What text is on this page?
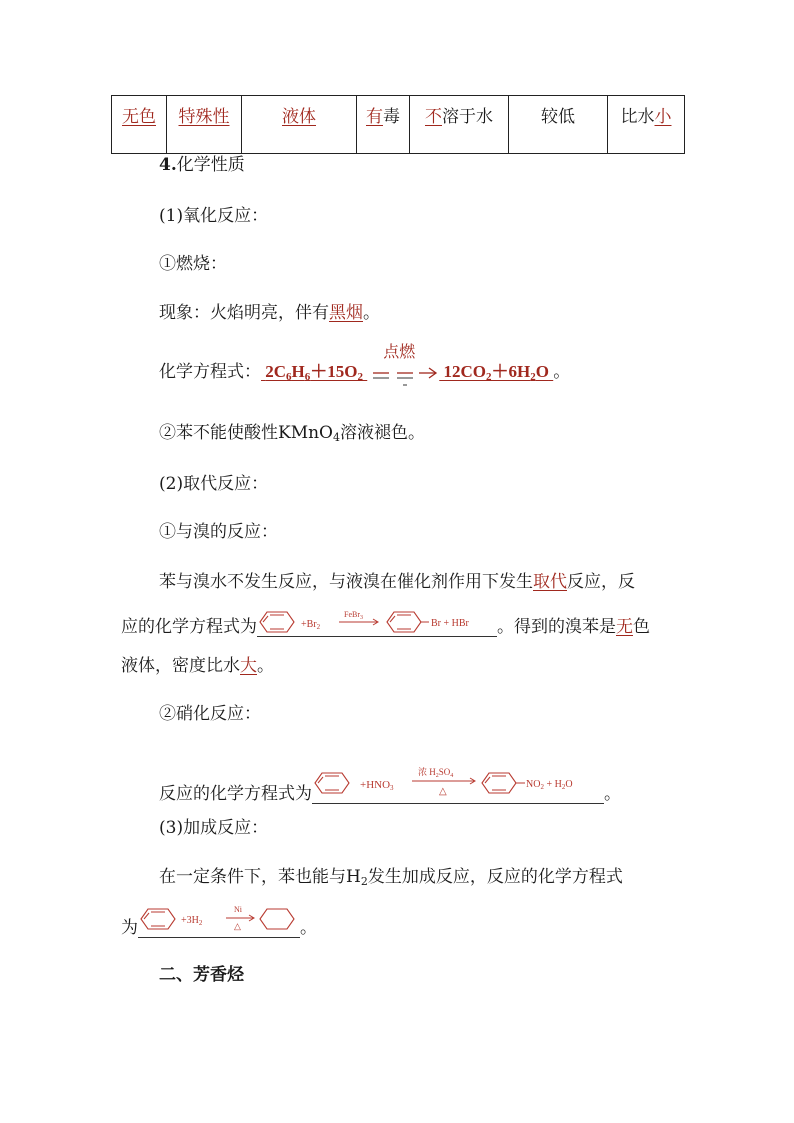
无色	特殊性	液体	有毒	不溶于水	较低	比水小
4.化学性质
(1)氧化反应：
①燃烧：
现象：火焰明亮，伴有黑烟。
化学方程式： $2C_6H_6+15O_2$
点燃
$12CO_2+6H_2O$ 。
②苯不能使酸性KMnO$_4$溶液褪色。
(2)取代反应：
①与溴的反应：
苯与溴水不发生反应，与液溴在催化剂作用下发生取代反应，反
应的化学方程式为	$+Br_2$
FeBr$_3$	Br + HBr 。得到的溴苯是无色
液体，密度比水大。
②硝化反应：
反应的化学方程式为	+HNO3
浓 $H_2SO_4$
△
$NO_2 + H_2O$ 。
(3)加成反应：
在一定条件下，苯也能与$H_2$发生加成反应，反应的化学方程式
为	$+3H_2$
Ni
△	。
二、芳香烃
